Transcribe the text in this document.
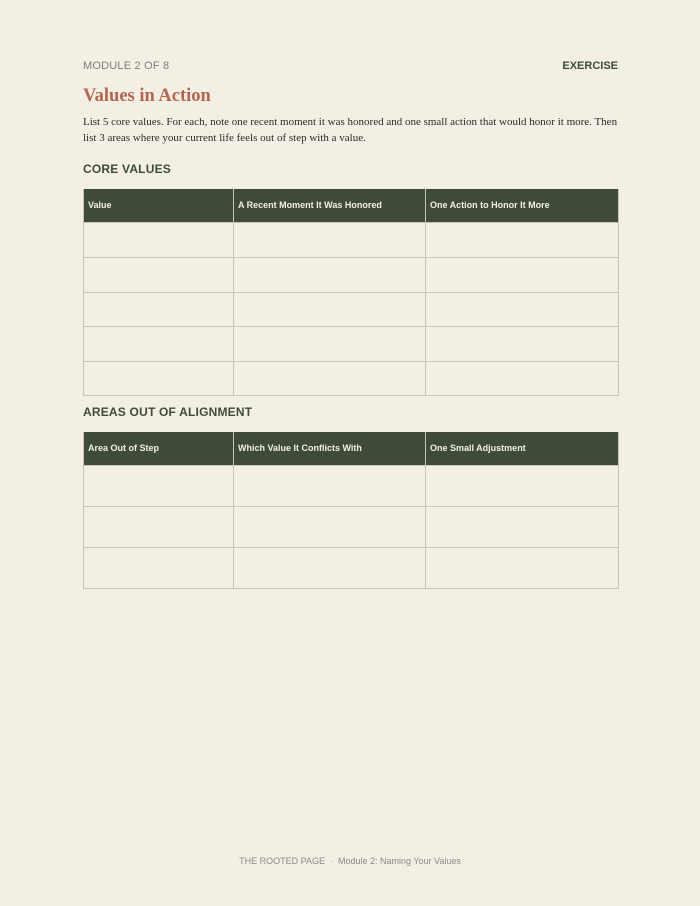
MODULE 2 OF 8	EXERCISE
Values in Action

List 5 core values. For each, note one recent moment it was honored and one small action that would honor it more. Then list 3 areas where your current life feels out of step with a value.

CORE VALUES
Value	A Recent Moment It Was Honored	One Action to Honor It More

AREAS OUT OF ALIGNMENT
Area Out of Step	Which Value It Conflicts With	One Small Adjustment

THE ROOTED PAGE · Module 2: Naming Your Values
